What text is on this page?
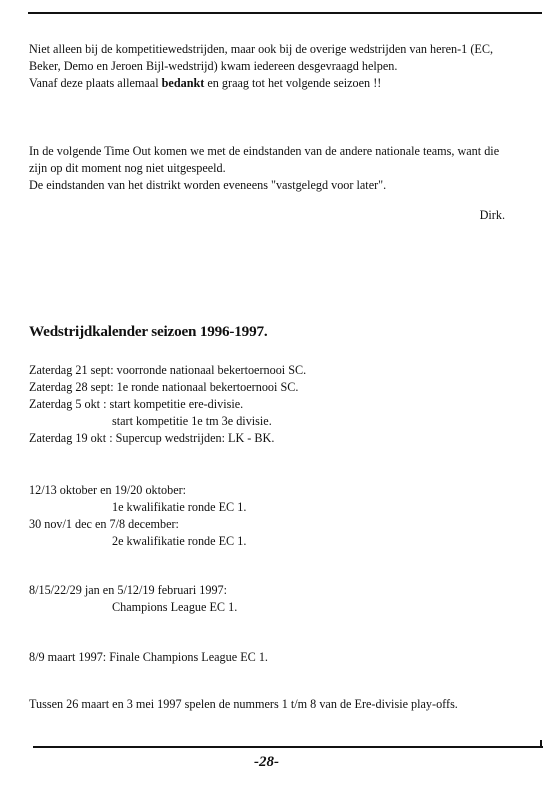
Niet alleen bij de kompetitiewedstrijden, maar ook bij de overige wedstrijden van heren-1 (EC, Beker, Demo en Jeroen Bijl-wedstrijd) kwam iedereen desgevraagd helpen.

Vanaf deze plaats allemaal bedankt en graag tot het volgende seizoen !!

In de volgende Time Out komen we met de eindstanden van de andere nationale teams, want die zijn op dit moment nog niet uitgespeeld.

De eindstanden van het distrikt worden eveneens "vastgelegd voor later".

Dirk.

Wedstrijdkalender seizoen 1996-1997.

Zaterdag 21 sept: voorronde nationaal bekertoernooi SC.

Zaterdag 28 sept: 1e ronde nationaal bekertoernooi SC.

Zaterdag 5 okt : start kompetitie ere-divisie.

start kompetitie 1e tm 3e divisie.

Zaterdag 19 okt : Supercup wedstrijden: LK - BK.

12/13 oktober en 19/20 oktober:

1e kwalifikatie ronde EC 1.

30 nov/1 dec en 7/8 december:

2e kwalifikatie ronde EC 1.

8/15/22/29 jan en 5/12/19 februari 1997:

Champions League EC 1.

8/9 maart 1997: Finale Champions League EC 1.

Tussen 26 maart en 3 mei 1997 spelen de nummers 1 t/m 8 van de Ere-divisie play-offs.

-28-
